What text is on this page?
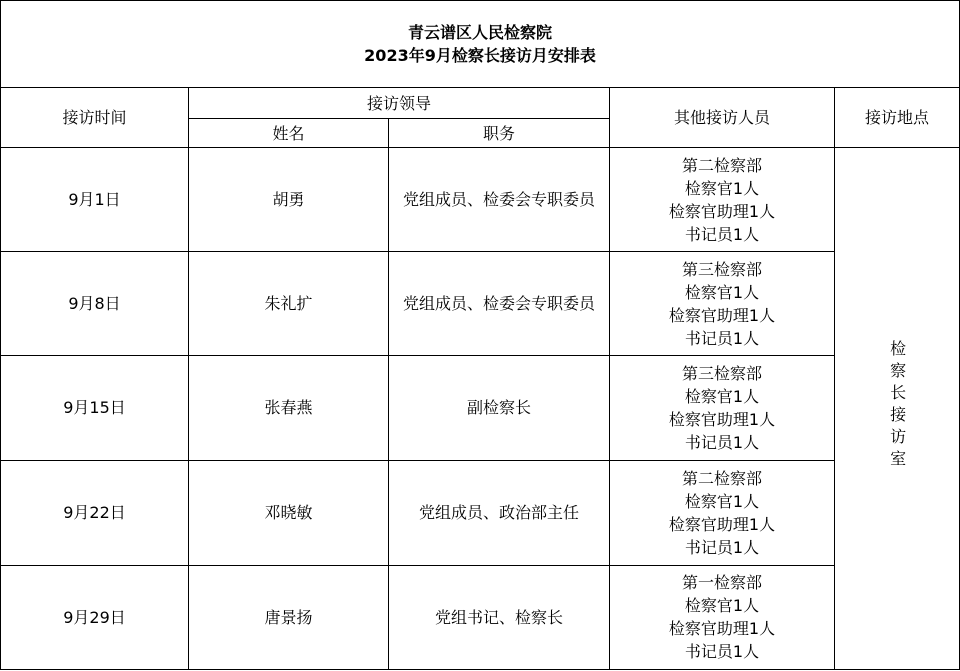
青云谱区人民检察院
2023年9月检察长接访月安排表				

接访时间	接访领导		其他接访人员	接访地点
	姓名	职务		
9月1日	胡勇	党组成员、检委会专职委员	第二检察部
检察官1人
检察官助理1人
书记员1人	检察长接访室
9月8日	朱礼扩	党组成员、检委会专职委员	第三检察部
检察官1人
检察官助理1人
书记员1人	

9月15日	张春燕	副检察长	第三检察部
检察官1人
检察官助理1人
书记员1人	

9月22日	邓晓敏	党组成员、政治部主任	第二检察部
检察官1人
检察官助理1人
书记员1人	

9月29日	唐景扬	党组书记、检察长	第一检察部
检察官1人
检察官助理1人
书记员1人	
